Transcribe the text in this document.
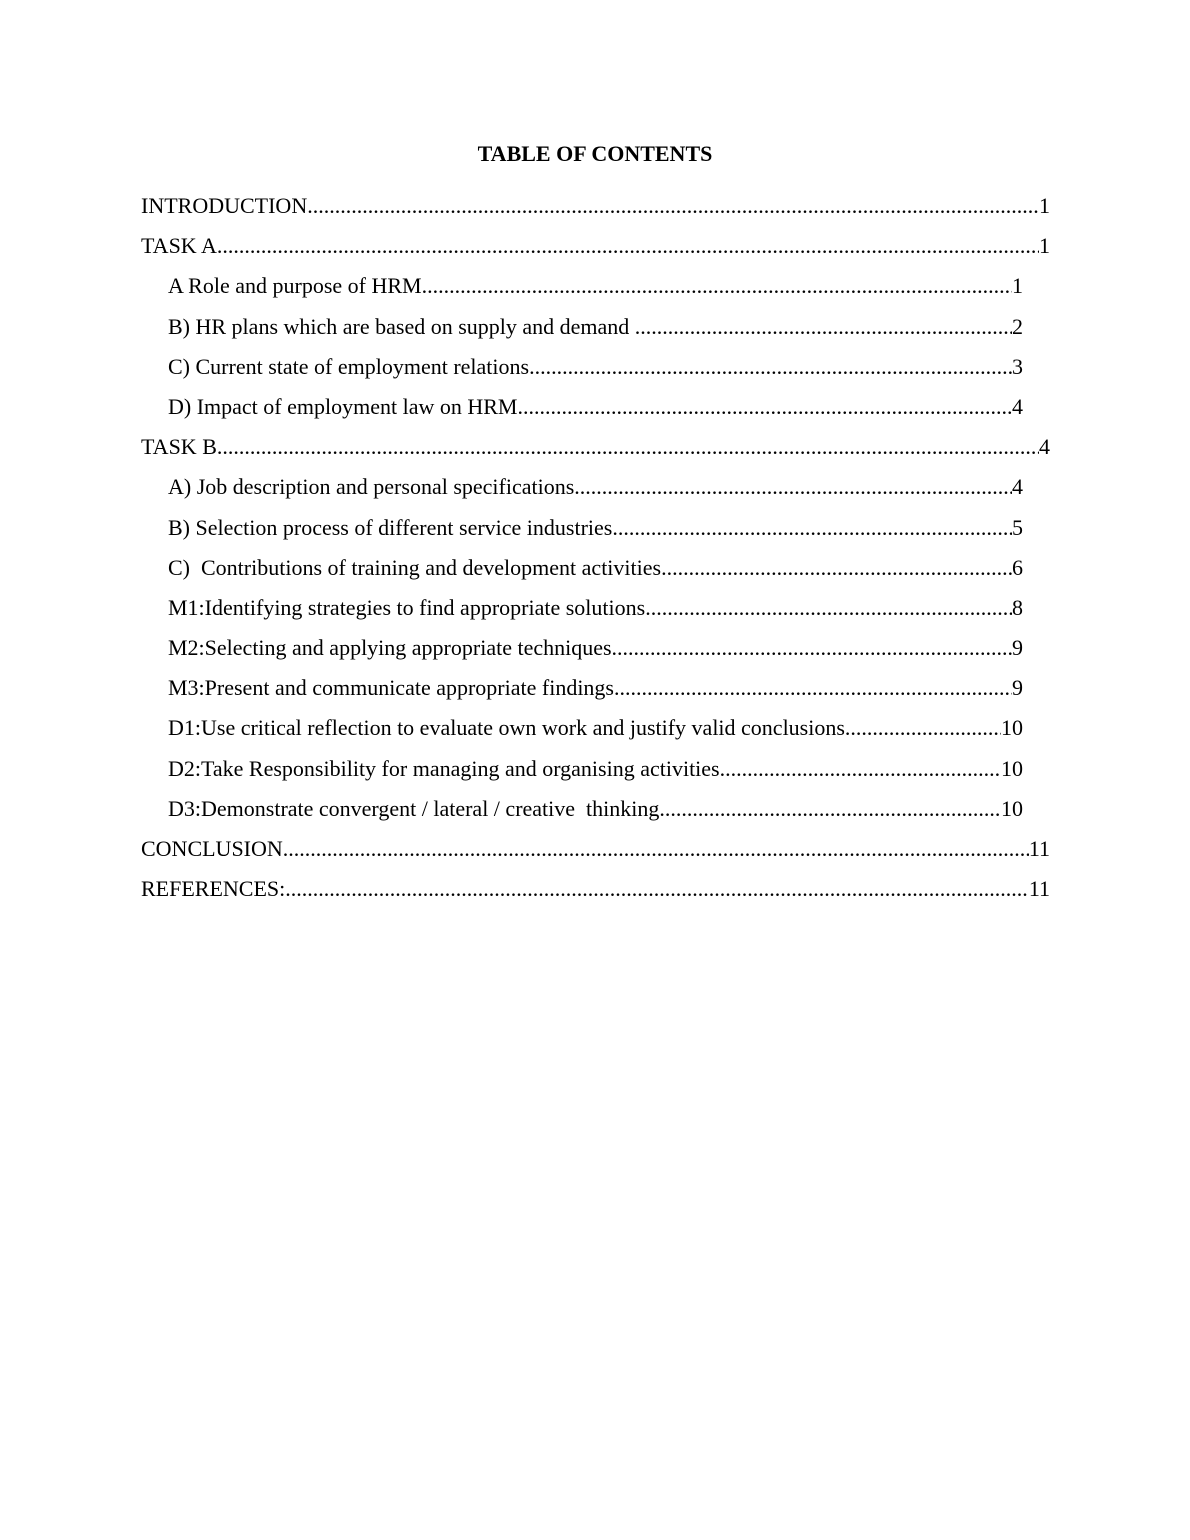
TABLE OF CONTENTS
INTRODUCTION .....	1
TASK A .....	1
A Role and purpose of HRM .....	1
B) HR plans which are based on supply and demand .....	2
C) Current state of employment relations .....	3
D) Impact of employment law on HRM .....	4
TASK B .....	4
A) Job description and personal specifications .....	4
B) Selection process of different service industries .....	5
C)  Contributions of training and development activities .....	6
M1:Identifying strategies to find appropriate solutions .....	8
M2:Selecting and applying appropriate techniques .....	9
M3:Present and communicate appropriate findings .....	9
D1:Use critical reflection to evaluate own work and justify valid conclusions .....	10
D2:Take Responsibility for managing and organising activities .....	10
D3:Demonstrate convergent / lateral / creative  thinking .....	10
CONCLUSION .....	11
REFERENCES: .....	11
